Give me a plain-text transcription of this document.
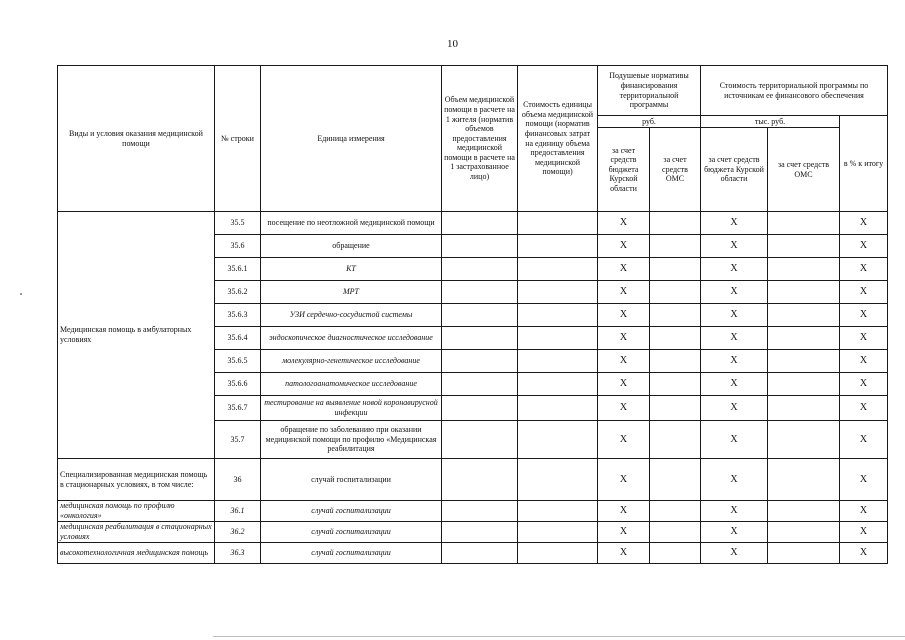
10
Виды и условия оказания медицинской помощи	№ строки	Единица измерения	Объем медицинской помощи в расчете на 1 жителя (норматив объемов предоставления медицинской помощи в расчете на 1 застрахованное лицо)	Стоимость единицы объема медицинской помощи (норматив финансовых затрат на единицу объема предоставления медицинской помощи)	Подушевые нормативы финансирования территориальной программы		Стоимость территориальной программы по источникам ее финансового обеспечения		
					руб.		тыс. руб.		в % к итогу
					за счет средств бюджета Курской области	за счет средств ОМС	за счет средств бюджета Курской области	за счет средств ОМС	
Медицинская помощь в амбулаторных условиях	35.5	посещение по неотложной медицинской помощи			X		X		X
	35.6	обращение			X		X		X
	35.6.1	КТ			X		X		X
	35.6.2	МРТ			X		X		X
	35.6.3	УЗИ сердечно-сосудистой системы			X		X		X
	35.6.4	эндоскопическое диагностическое исследование			X		X		X
	35.6.5	молекулярно-генетическое исследование			X		X		X
	35.6.6	патологоанатомическое исследование			X		X		X
	35.6.7	тестирование на выявление новой коронавирусной инфекции			X		X		X
	35.7	обращение по заболеванию при оказании медицинской помощи по профилю «Медицинская реабилитация			X		X		X
Специализированная медицинская помощь в стационарных условиях, в том числе:	36	случай госпитализации			X		X		X
медицинская помощь по профилю «онкология»	36.1	случай госпитализации			X		X		X
медицинская реабилитация в стационарных условиях	36.2	случай госпитализации			X		X		X
высокотехнологичная медицинская помощь	36.3	случай госпитализации			X		X		X
